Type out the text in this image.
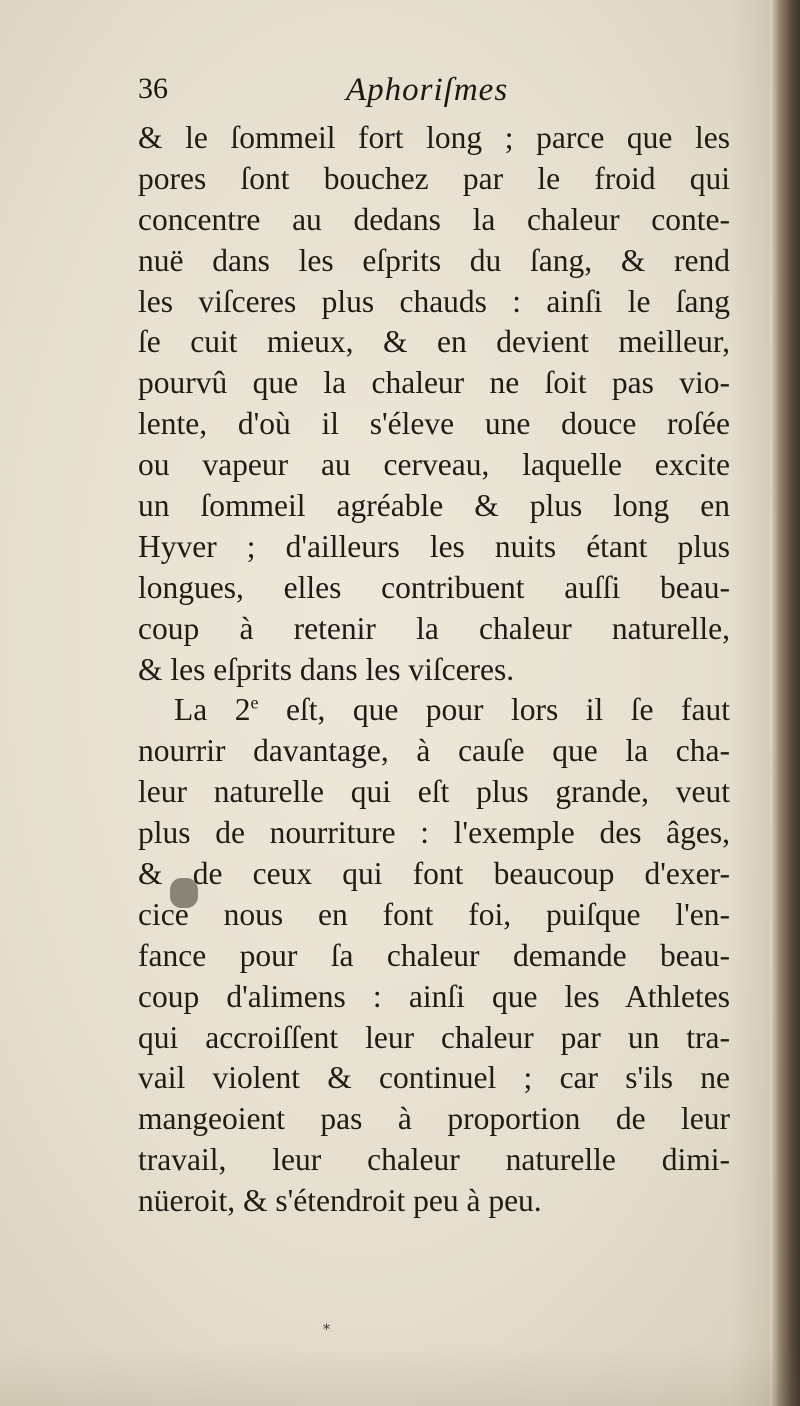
36	Aphoriſmes
& le ſommeil fort long ; parce que les
pores ſont bouchez par le froid qui
concentre au dedans la chaleur conte-
nuë dans les eſprits du ſang, & rend
les viſceres plus chauds : ainſi le ſang
ſe cuit mieux, & en devient meilleur,
pourvû que la chaleur ne ſoit pas vio-
lente, d'où il s'éleve une douce roſée
ou vapeur au cerveau, laquelle excite
un ſommeil agréable & plus long en
Hyver ; d'ailleurs les nuits étant plus
longues, elles contribuent auſſi beau-
coup à retenir la chaleur naturelle,
& les eſprits dans les viſceres.
La 2e eſt, que pour lors il ſe faut
nourrir davantage, à cauſe que la cha-
leur naturelle qui eſt plus grande, veut
plus de nourriture : l'exemple des âges,
& de ceux qui font beaucoup d'exer-
cice nous en font foi, puiſque l'en-
fance pour ſa chaleur demande beau-
coup d'alimens : ainſi que les Athletes
qui accroiſſent leur chaleur par un tra-
vail violent & continuel ; car s'ils ne
mangeoient pas à proportion de leur
travail, leur chaleur naturelle dimi-
nüeroit, & s'étendroit peu à peu.
*
